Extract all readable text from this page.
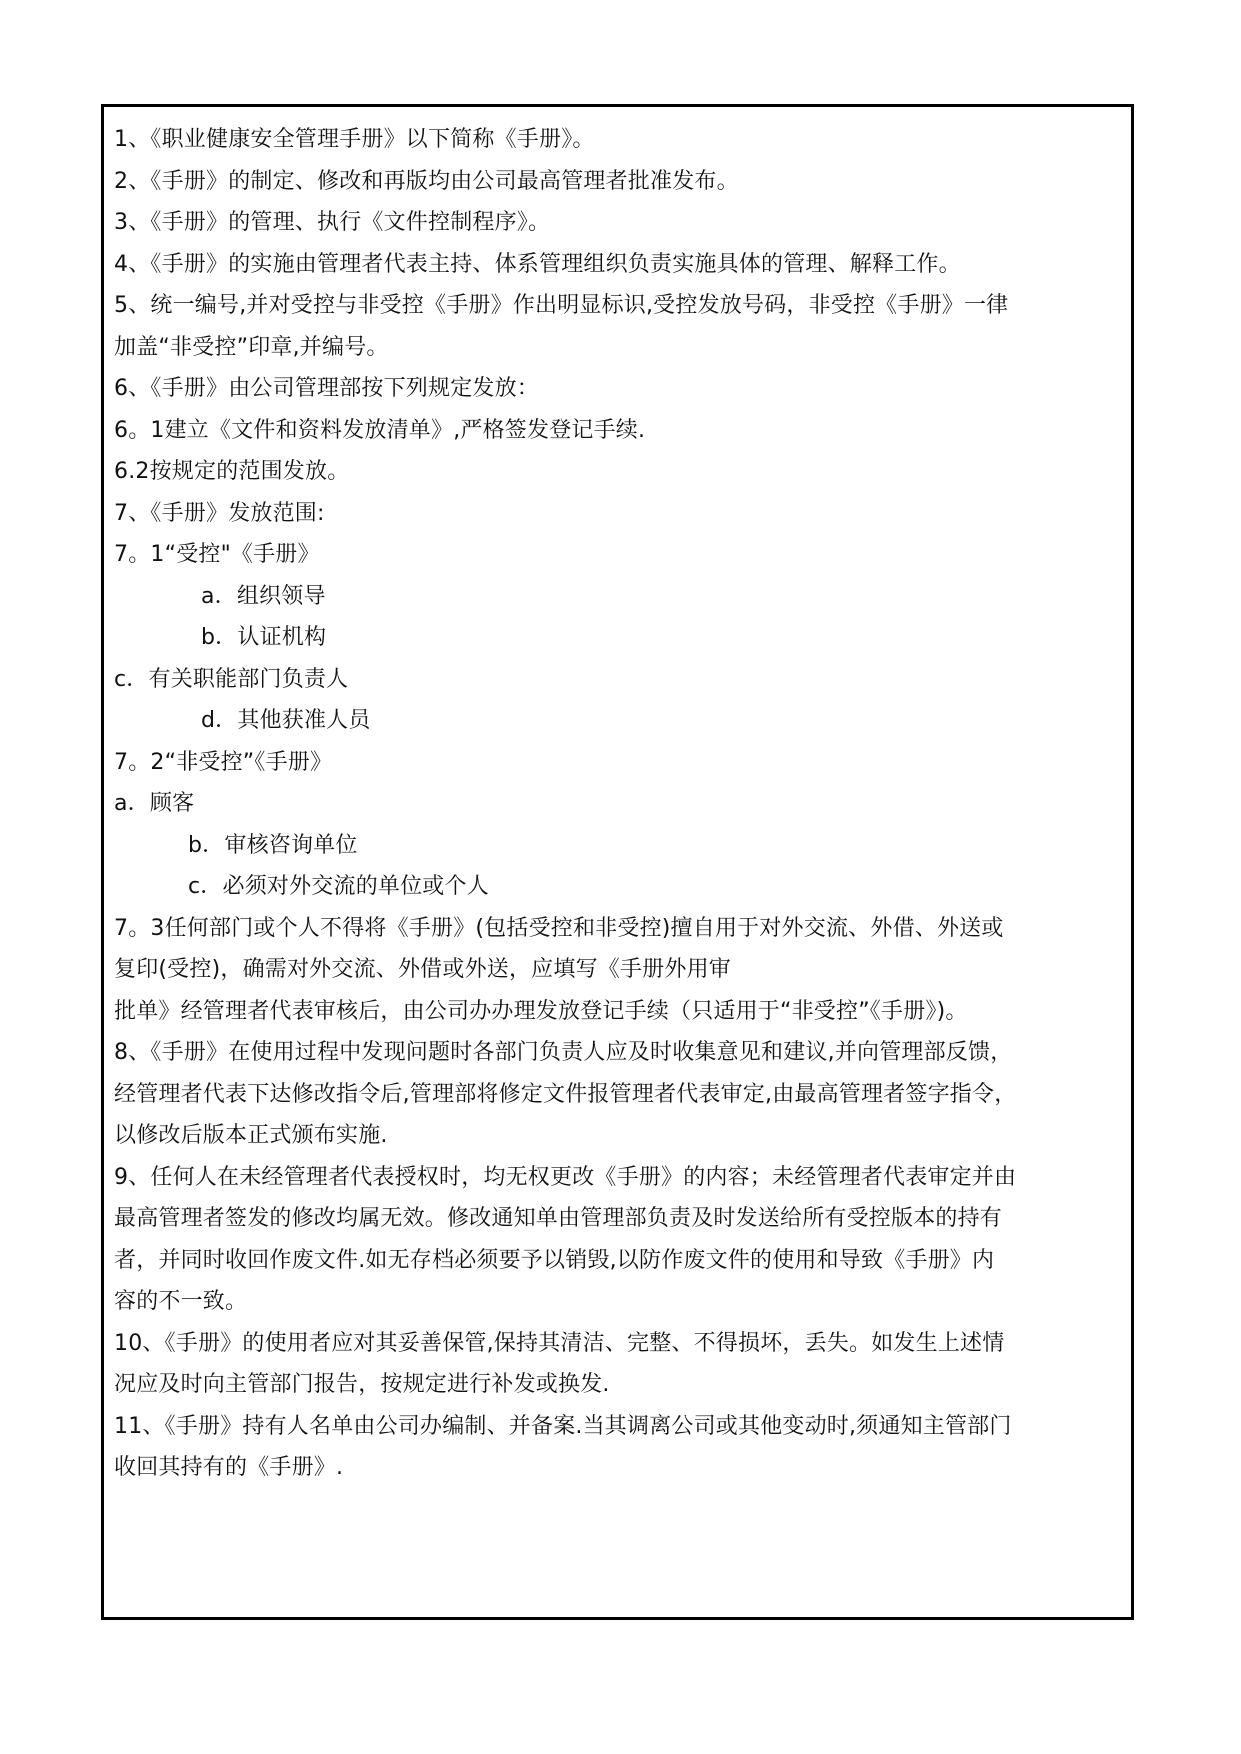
1、《职业健康安全管理手册》以下简称《手册》。
2、《手册》的制定、修改和再版均由公司最高管理者批准发布。
3、《手册》的管理、执行《文件控制程序》。
4、《手册》的实施由管理者代表主持、体系管理组织负责实施具体的管理、解释工作。
5、统一编号,并对受控与非受控《手册》作出明显标识,受控发放号码，非受控《手册》一律
加盖“非受控”印章,并编号。
6、《手册》由公司管理部按下列规定发放：
6。1建立《文件和资料发放清单》,严格签发登记手续.
6.2按规定的范围发放。
7、《手册》发放范围:
7。1“受控"《手册》
a．组织领导
b．认证机构
c．有关职能部门负责人
d．其他获准人员
7。2“非受控”《手册》
a．顾客
b．审核咨询单位
c．必须对外交流的单位或个人
7。3任何部门或个人不得将《手册》(包括受控和非受控)擅自用于对外交流、外借、外送或
复印(受控)，确需对外交流、外借或外送，应填写《手册外用审
批单》经管理者代表审核后，由公司办办理发放登记手续（只适用于“非受控”《手册》)。
8、《手册》在使用过程中发现问题时各部门负责人应及时收集意见和建议,并向管理部反馈，
经管理者代表下达修改指令后,管理部将修定文件报管理者代表审定,由最高管理者签字指令，
以修改后版本正式颁布实施.
9、任何人在未经管理者代表授权时，均无权更改《手册》的内容；未经管理者代表审定并由
最高管理者签发的修改均属无效。修改通知单由管理部负责及时发送给所有受控版本的持有
者，并同时收回作废文件.如无存档必须要予以销毁,以防作废文件的使用和导致《手册》内
容的不一致。
10、《手册》的使用者应对其妥善保管,保持其清洁、完整、不得损坏，丢失。如发生上述情
况应及时向主管部门报告，按规定进行补发或换发.
11、《手册》持有人名单由公司办编制、并备案.当其调离公司或其他变动时,须通知主管部门
收回其持有的《手册》.
